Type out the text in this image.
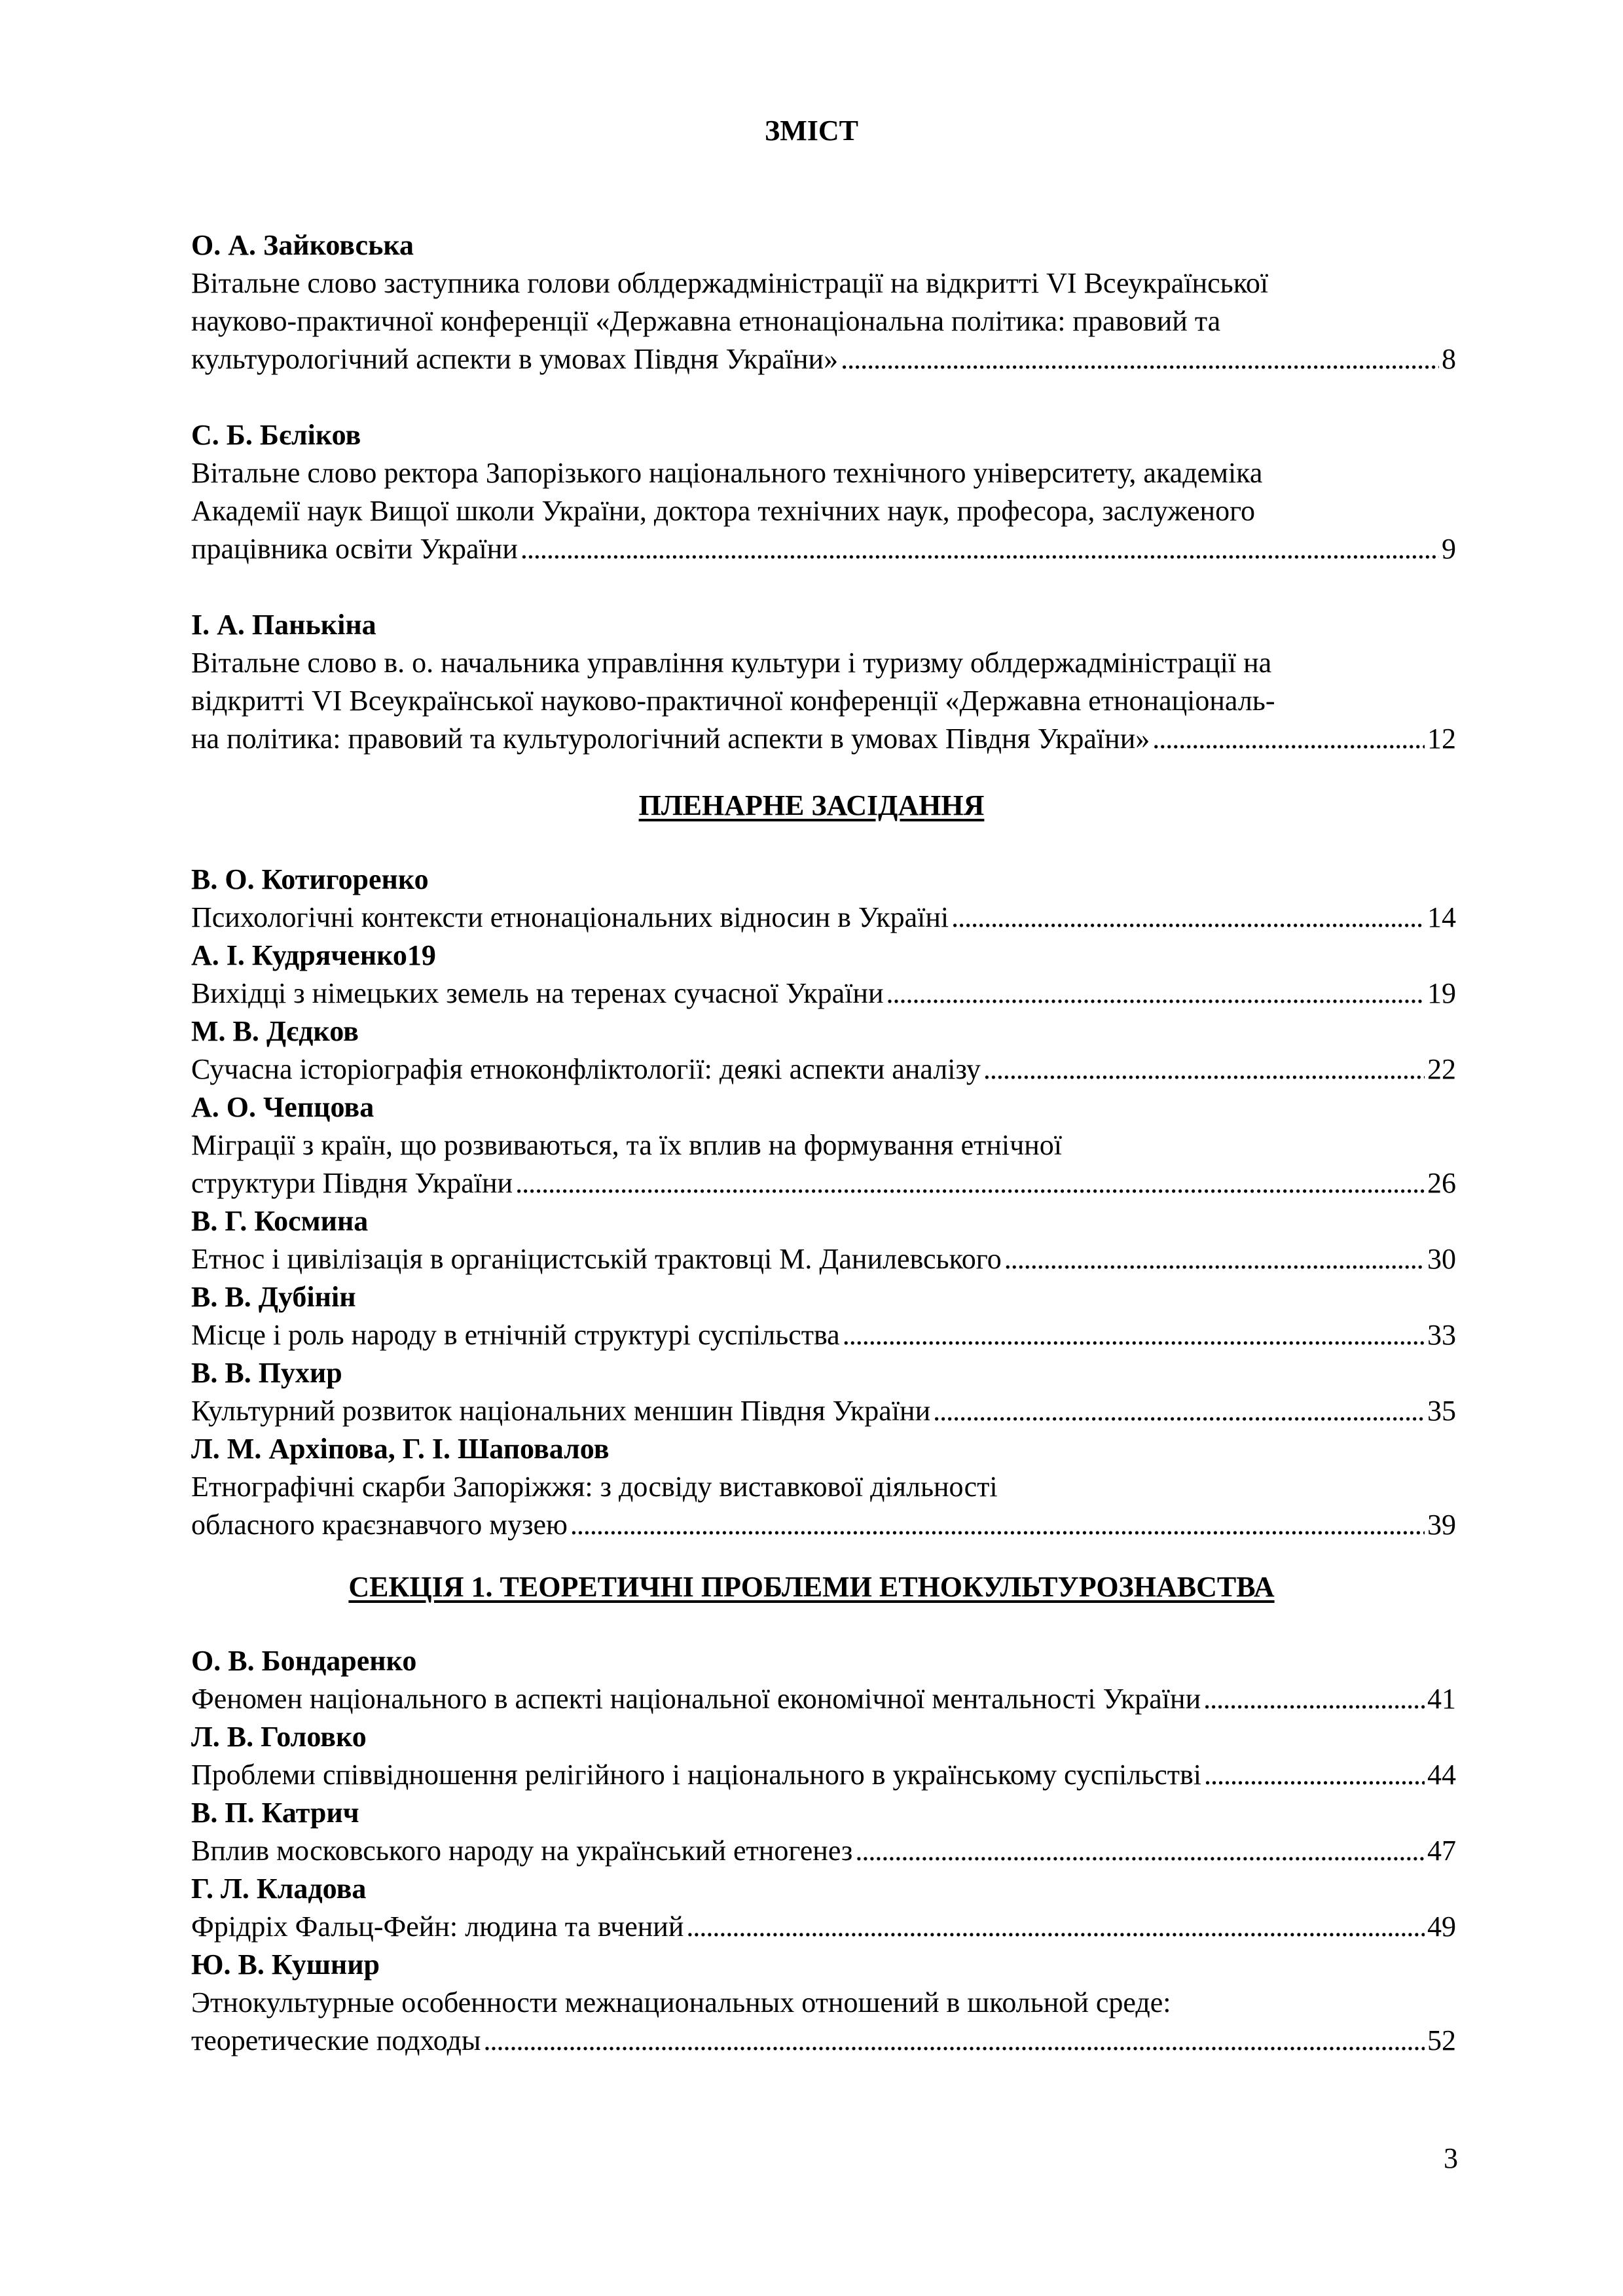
ЗМІСТ
О. А. Зайковська
Вітальне слово заступника голови облдержадміністрації на відкритті VI Всеукраїнської
науково-практичної конференції «Державна етнонаціональна політика: правовий та
культурологічний аспекти в умовах Півдня України» . . .	8
С. Б. Бєліков
Вітальне слово ректора Запорізького національного технічного університету, академіка
Академії наук Вищої школи України, доктора технічних наук, професора, заслуженого
працівника освіти України . . .	9
І. А. Панькіна
Вітальне слово в. о. начальника управління культури і туризму облдержадміністрації на
відкритті VI Всеукраїнської науково-практичної конференції «Державна етнонаціональ-
на політика: правовий та культурологічний аспекти в умовах Півдня України» . . .	12
ПЛЕНАРНЕ ЗАСІДАННЯ
В. О. Котигоренко
Психологічні контексти етнонаціональних відносин в Україні . . .	14
А. І. Кудряченко19
Вихідці з німецьких земель на теренах сучасної України . . .	19
М. В. Дєдков
Сучасна історіографія етноконфліктології: деякі аспекти аналізу . . .	22
А. О. Чепцова
Міграції з країн, що розвиваються, та їх вплив на формування етнічної
структури Півдня України . . .	26
В. Г. Космина
Етнос і цивілізація в органіцистській трактовці М. Данилевського . . .	30
В. В. Дубінін
Місце і роль народу в етнічній структурі суспільства . . .	33
В. В. Пухир
Культурний розвиток національних меншин Півдня України . . .	35
Л. М. Архіпова, Г. І. Шаповалов
Етнографічні скарби Запоріжжя: з досвіду виставкової діяльності
обласного краєзнавчого музею . . .	39
СЕКЦІЯ 1. ТЕОРЕТИЧНІ ПРОБЛЕМИ ЕТНОКУЛЬТУРОЗНАВСТВА
О. В. Бондаренко
Феномен національного в аспекті національної економічної ментальності України . . .	41
Л. В. Головко
Проблеми співвідношення релігійного і національного в українському суспільстві . . .	44
В. П. Катрич
Вплив московського народу на український етногенез . . .	47
Г. Л. Кладова
Фрідріх Фальц-Фейн: людина та вчений . . .	49
Ю. В. Кушнир
Этнокультурные особенности межнациональных отношений в школьной среде:
теоретические подходы . . .	52
3
